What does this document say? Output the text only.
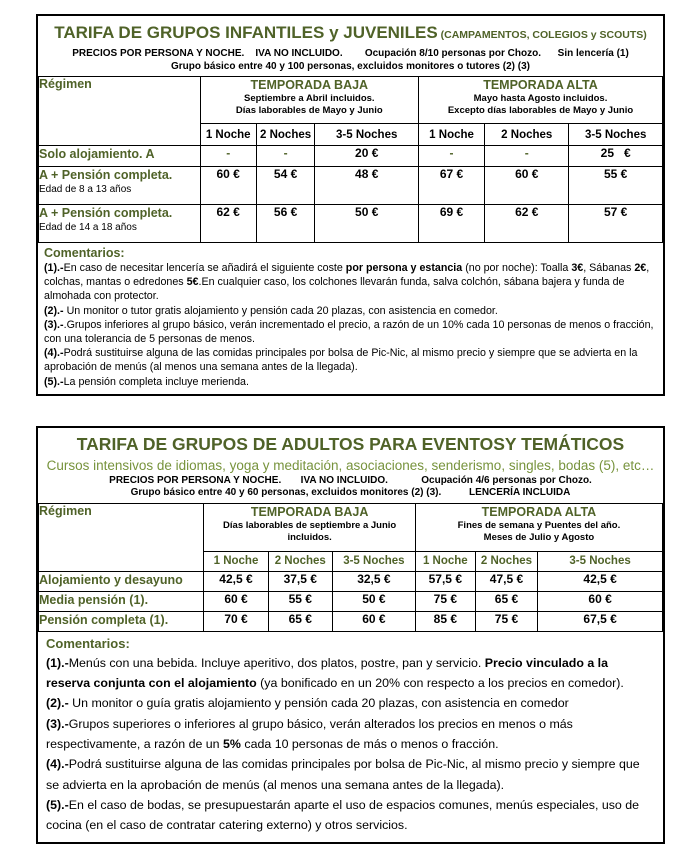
TARIFA DE GRUPOS INFANTILES y JUVENILES (CAMPAMENTOS, COLEGIOS y SCOUTS)
PRECIOS POR PERSONA Y NOCHE.    IVA NO INCLUIDO.        Ocupación 8/10 personas por Chozo.      Sin lencería (1)
Grupo básico entre 40 y 100 personas, excluidos monitores o tutores (2) (3)
Régimen	TEMPORADA BAJA
Septiembre a Abril incluidos.
Días laborables de Mayo y Junio

TEMPORADA ALTA
Mayo hasta Agosto incluidos.
Excepto días laborables de Mayo y Junio

	1 Noche	2 Noches	3-5 Noches	1 Noche	2 Noches	3-5 Noches
Solo alojamiento. A	-	-	20 €	-	-	25   €
A + Pensión completa.
Edad de 8 a 13 años	60 €	54 €	48 €	67 €	60 €	55 €
A + Pensión completa.
Edad de 14 a 18 años	62 €	56 €	50 €	69 €	62 €	57 €
Comentarios:
(1).-En caso de necesitar lencería se añadirá el siguiente coste por persona y estancia (no por noche): Toalla 3€, Sábanas 2€, colchas, mantas o edredones 5€.En cualquier caso, los colchones llevarán funda, salva colchón, sábana bajera y funda de almohada con protector.
(2).- Un monitor o tutor gratis alojamiento y pensión cada 20 plazas, con asistencia en comedor.
(3).-.Grupos inferiores al grupo básico, verán incrementado el precio, a razón de un 10% cada 10 personas de menos o fracción, con una tolerancia de 5 personas de menos.
(4).-Podrá sustituirse alguna de las comidas principales por bolsa de Pic-Nic, al mismo precio y siempre que se advierta en la aprobación de menús (al menos una semana antes de la llegada).
(5).-La pensión completa incluye merienda.
TARIFA DE GRUPOS DE ADULTOS PARA EVENTOSY TEMÁTICOS
Cursos intensivos de idiomas, yoga y meditación, asociaciones, senderismo, singles, bodas (5), etc…
PRECIOS POR PERSONA Y NOCHE.       IVA NO INCLUIDO.            Ocupación 4/6 personas por Chozo.
Grupo básico entre 40 y 60 personas, excluidos monitores (2) (3).          LENCERÍA INCLUIDA
Régimen	TEMPORADA BAJA
Días laborables de septiembre a Junio
incluidos.

TEMPORADA ALTA
Fines de semana y Puentes del año.
Meses de Julio y Agosto

	1 Noche	2 Noches	3-5 Noches	1 Noche	2 Noches	3-5 Noches
Alojamiento y desayuno	42,5 €	37,5 €	32,5 €	57,5 €	47,5 €	42,5 €
Media pensión (1).	60 €	55 €	50 €	75 €	65 €	60 €
Pensión completa (1).	70 €	65 €	60 €	85 €	75 €	67,5 €
Comentarios:
(1).-Menús con una bebida. Incluye aperitivo, dos platos, postre, pan y servicio. Precio vinculado a la reserva conjunta con el alojamiento (ya bonificado en un 20% con respecto a los precios en comedor).
(2).- Un monitor o guía gratis alojamiento y pensión cada 20 plazas, con asistencia en comedor
(3).-Grupos superiores o inferiores al grupo básico, verán alterados los precios en menos o más respectivamente, a razón de un 5% cada 10 personas de más o menos o fracción.
(4).-Podrá sustituirse alguna de las comidas principales por bolsa de Pic-Nic, al mismo precio y siempre que se advierta en la aprobación de menús (al menos una semana antes de la llegada).
(5).-En el caso de bodas, se presupuestarán aparte el uso de espacios comunes, menús especiales, uso de cocina (en el caso de contratar catering externo) y otros servicios.
